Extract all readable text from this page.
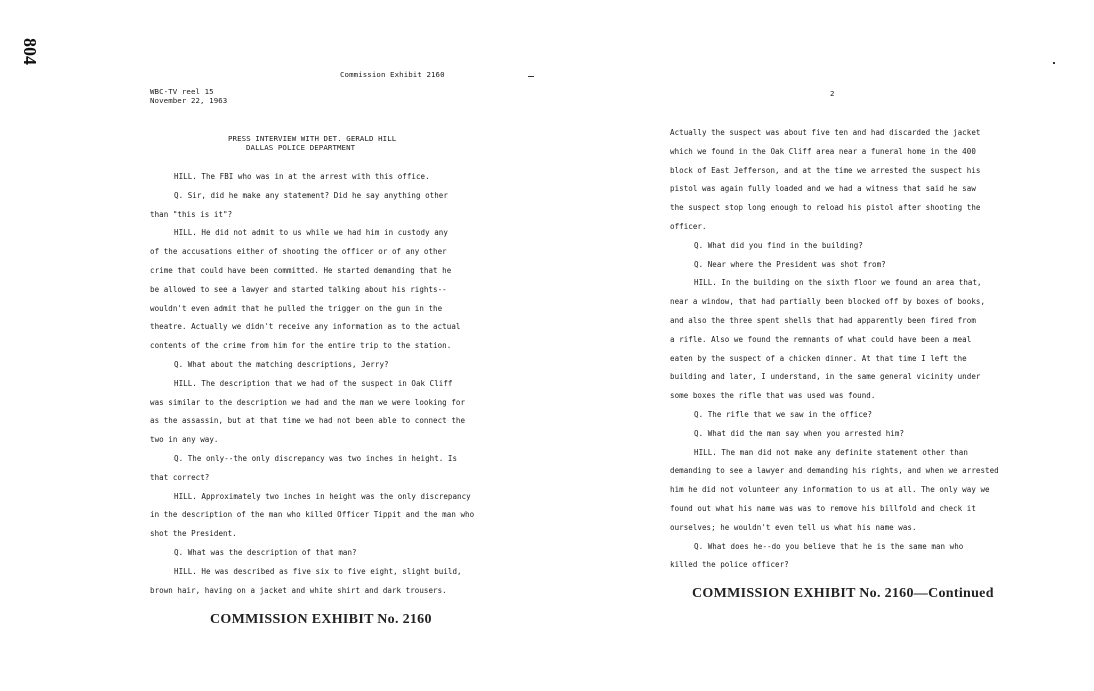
804
Commission Exhibit 2160
WBC-TV reel 15
November 22, 1963
PRESS INTERVIEW WITH DET. GERALD HILL
DALLAS POLICE DEPARTMENT
HILL. The FBI who was in at the arrest with this office.
Q. Sir, did he make any statement? Did he say anything other
than "this is it"?
HILL. He did not admit to us while we had him in custody any
of the accusations either of shooting the officer or of any other
crime that could have been committed. He started demanding that he
be allowed to see a lawyer and started talking about his rights--
wouldn't even admit that he pulled the trigger on the gun in the
theatre. Actually we didn't receive any information as to the actual
contents of the crime from him for the entire trip to the station.
Q. What about the matching descriptions, Jerry?
HILL. The description that we had of the suspect in Oak Cliff
was similar to the description we had and the man we were looking for
as the assassin, but at that time we had not been able to connect the
two in any way.
Q. The only--the only discrepancy was two inches in height. Is
that correct?
HILL. Approximately two inches in height was the only discrepancy
in the description of the man who killed Officer Tippit and the man who
shot the President.
Q. What was the description of that man?
HILL. He was described as five six to five eight, slight build,
brown hair, having on a jacket and white shirt and dark trousers.
COMMISSION EXHIBIT No. 2160
2
Actually the suspect was about five ten and had discarded the jacket
which we found in the Oak Cliff area near a funeral home in the 400
block of East Jefferson, and at the time we arrested the suspect his
pistol was again fully loaded and we had a witness that said he saw
the suspect stop long enough to reload his pistol after shooting the
officer.
Q. What did you find in the building?
Q. Near where the President was shot from?
HILL. In the building on the sixth floor we found an area that,
near a window, that had partially been blocked off by boxes of books,
and also the three spent shells that had apparently been fired from
a rifle. Also we found the remnants of what could have been a meal
eaten by the suspect of a chicken dinner. At that time I left the
building and later, I understand, in the same general vicinity under
some boxes the rifle that was used was found.
Q. The rifle that we saw in the office?
Q. What did the man say when you arrested him?
HILL. The man did not make any definite statement other than
demanding to see a lawyer and demanding his rights, and when we arrested
him he did not volunteer any information to us at all. The only way we
found out what his name was was to remove his billfold and check it
ourselves; he wouldn't even tell us what his name was.
Q. What does he--do you believe that he is the same man who
killed the police officer?
COMMISSION EXHIBIT No. 2160—Continued
